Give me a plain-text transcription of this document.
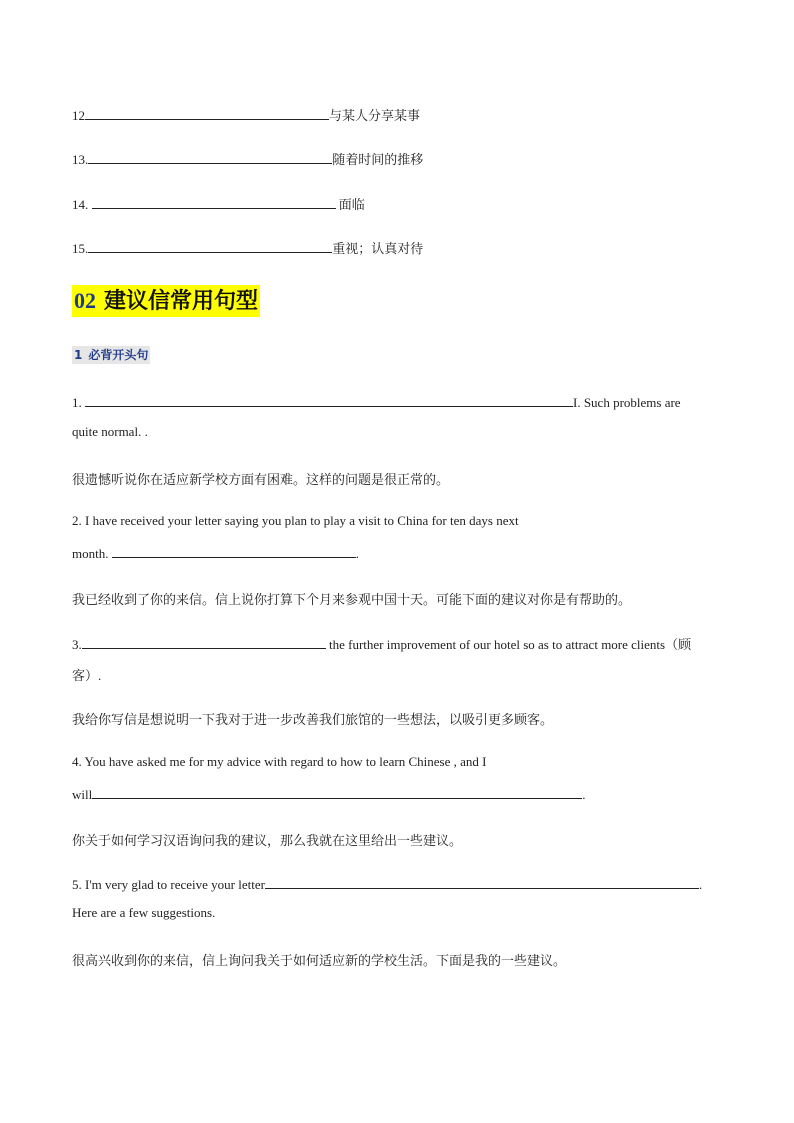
12	与某人分享某事
13.	随着时间的推移
14.	面临
15.	重视；认真对待
02 建议信常用句型
1 必背开头句
1.	I. Such problems are
quite normal. .
很遗憾听说你在适应新学校方面有困难。这样的问题是很正常的。
2. I have received your letter saying you plan to play a visit to China for ten days next
month.	.
我已经收到了你的来信。信上说你打算下个月来参观中国十天。可能下面的建议对你是有帮助的。
3.	the further improvement of our hotel so as to attract more clients（顾
客）.
我给你写信是想说明一下我对于进一步改善我们旅馆的一些想法，以吸引更多顾客。
4. You have asked me for my advice with regard to how to learn Chinese , and I
will	.
你关于如何学习汉语询问我的建议，那么我就在这里给出一些建议。
5. I'm very glad to receive your letter	.
Here are a few suggestions.
很高兴收到你的来信，信上询问我关于如何适应新的学校生活。下面是我的一些建议。
